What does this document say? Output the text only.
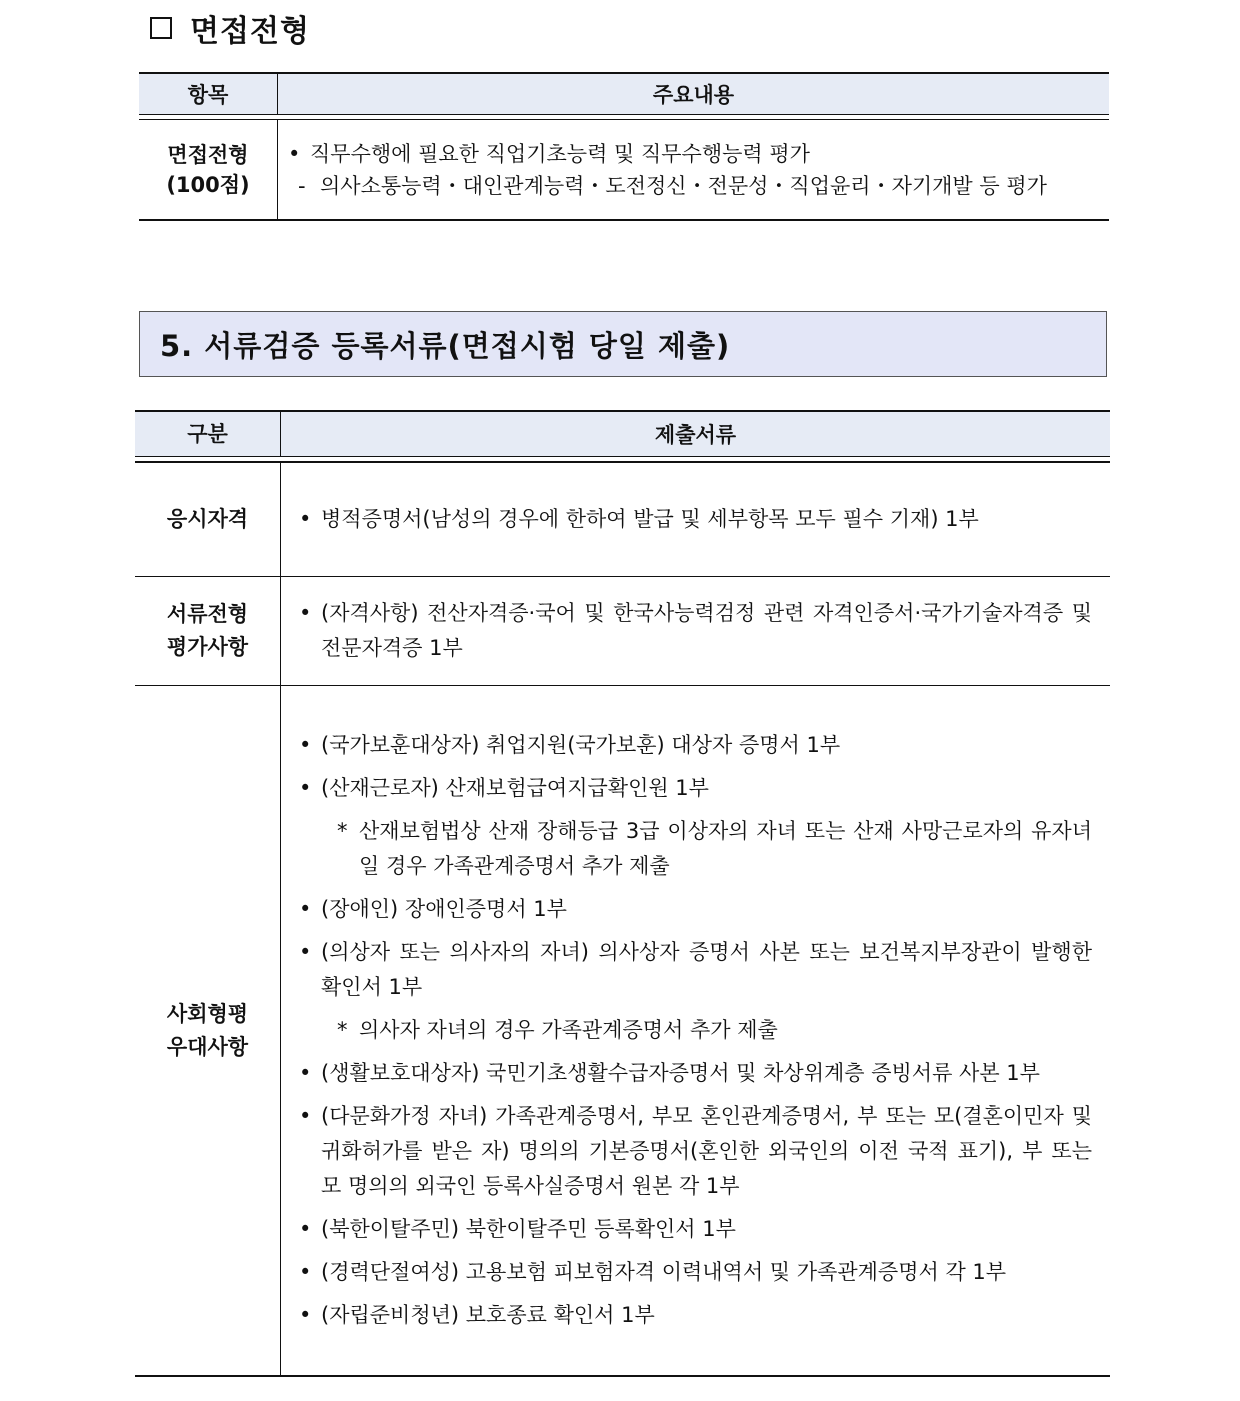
면접전형
항목	주요내용
면접전형
(100점)
• 직무수행에 필요한 직업기초능력 및 직무수행능력 평가
- 의사소통능력・대인관계능력・도전정신・전문성・직업윤리・자기개발 등 평가
5. 서류검증 등록서류(면접시험 당일 제출)
구분	제출서류
응시자격 • 병적증명서(남성의 경우에 한하여 발급 및 세부항목 모두 필수 기재) 1부
서류전형
평가사항
• (자격사항) 전산자격증·국어 및 한국사능력검정 관련 자격인증서·국가기술자격증 및 전문자격증 1부
사회형평
우대사항
• (국가보훈대상자) 취업지원(국가보훈) 대상자 증명서 1부
• (산재근로자) 산재보험급여지급확인원 1부
* 산재보험법상 산재 장해등급 3급 이상자의 자녀 또는 산재 사망근로자의 유자녀일 경우 가족관계증명서 추가 제출
• (장애인) 장애인증명서 1부
• (의상자 또는 의사자의 자녀) 의사상자 증명서 사본 또는 보건복지부장관이 발행한 확인서 1부
* 의사자 자녀의 경우 가족관계증명서 추가 제출
• (생활보호대상자) 국민기초생활수급자증명서 및 차상위계층 증빙서류 사본 1부
• (다문화가정 자녀) 가족관계증명서, 부모 혼인관계증명서, 부 또는 모(결혼이민자 및 귀화허가를 받은 자) 명의의 기본증명서(혼인한 외국인의 이전 국적 표기), 부 또는 모 명의의 외국인 등록사실증명서 원본 각 1부
• (북한이탈주민) 북한이탈주민 등록확인서 1부
• (경력단절여성) 고용보험 피보험자격 이력내역서 및 가족관계증명서 각 1부
• (자립준비청년) 보호종료 확인서 1부
